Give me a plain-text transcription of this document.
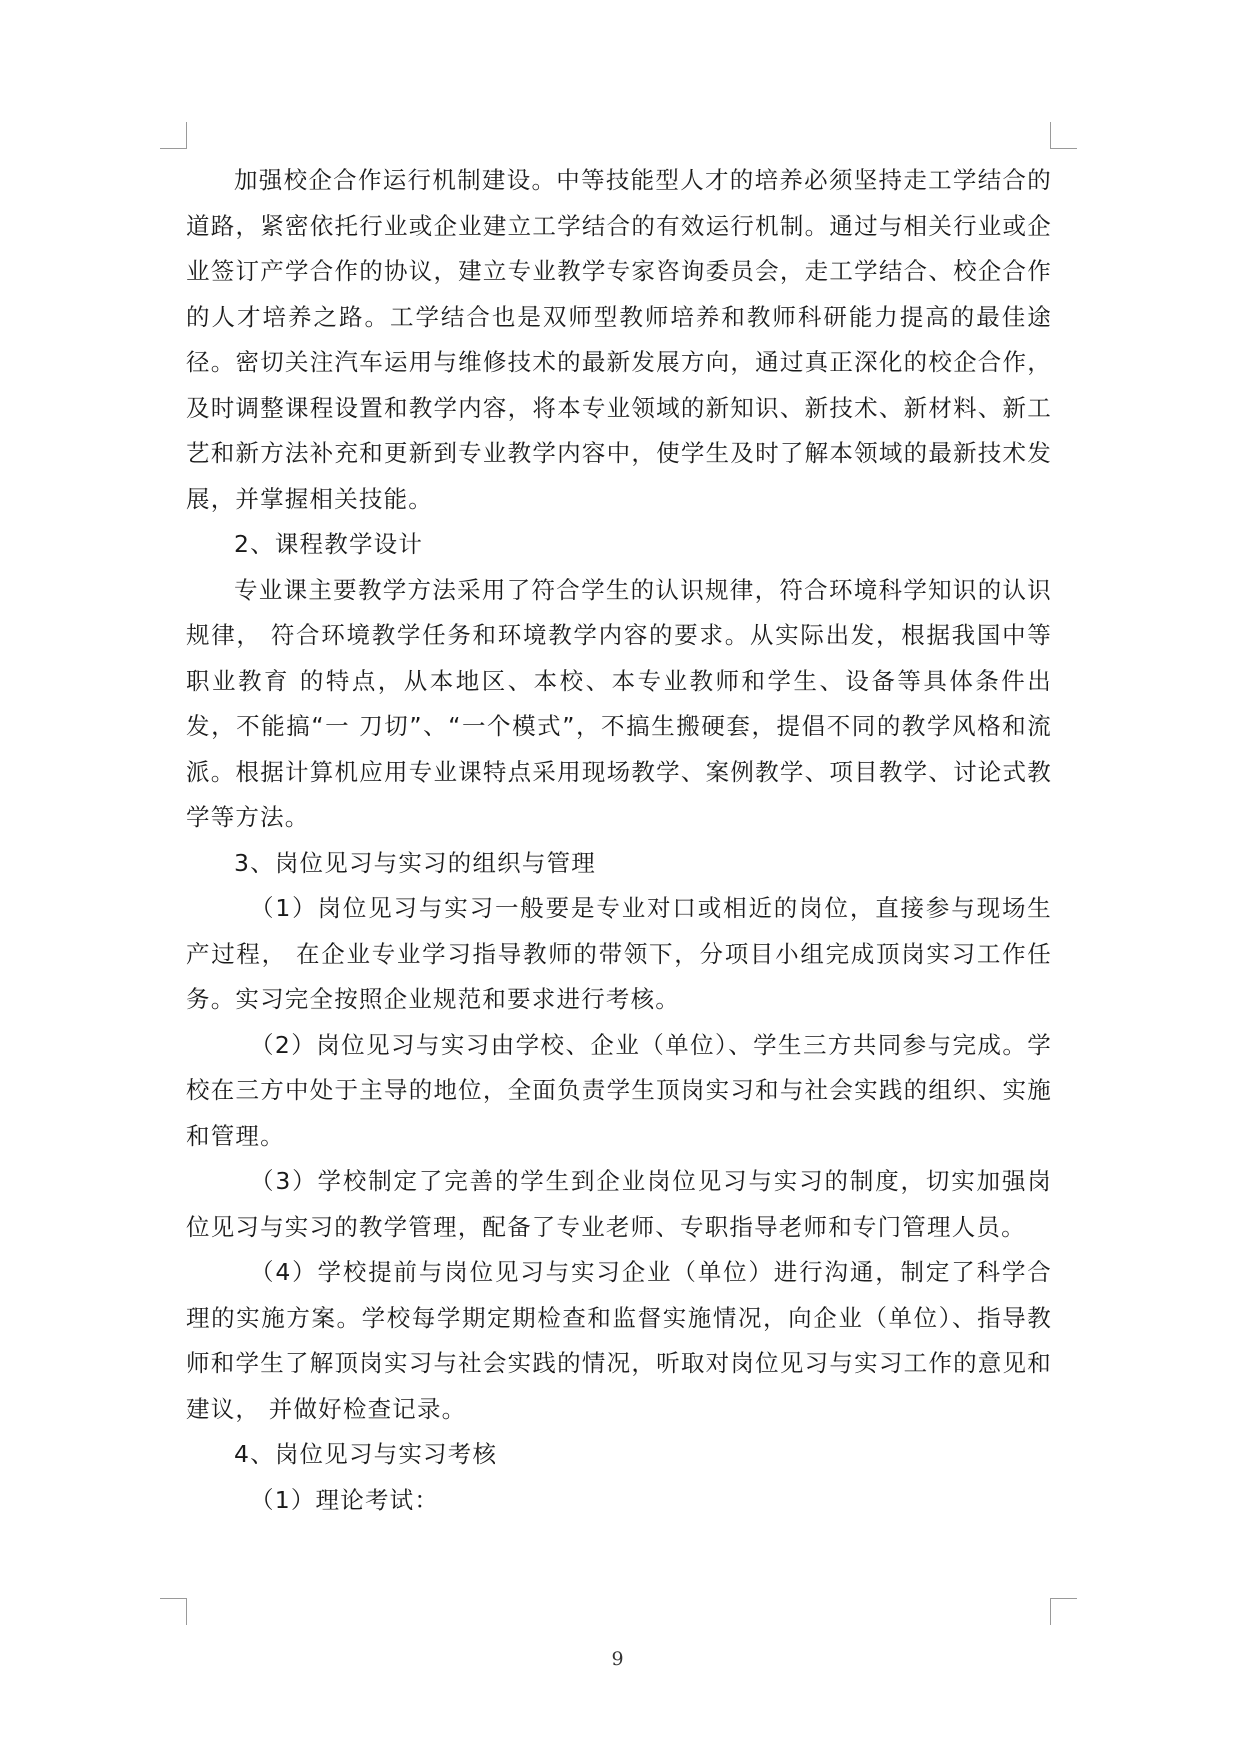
加强校企合作运行机制建设。中等技能型人才的培养必须坚持走工学结合的道路，紧密依托行业或企业建立工学结合的有效运行机制。通过与相关行业或企业签订产学合作的协议，建立专业教学专家咨询委员会，走工学结合、校企合作的人才培养之路。工学结合也是双师型教师培养和教师科研能力提高的最佳途径。密切关注汽车运用与维修技术的最新发展方向，通过真正深化的校企合作，及时调整课程设置和教学内容，将本专业领域的新知识、新技术、新材料、新工艺和新方法补充和更新到专业教学内容中，使学生及时了解本领域的最新技术发展，并掌握相关技能。

2、课程教学设计

专业课主要教学方法采用了符合学生的认识规律，符合环境科学知识的认识规律， 符合环境教学任务和环境教学内容的要求。从实际出发，根据我国中等职业教育 的特点，从本地区、本校、本专业教师和学生、设备等具体条件出发，不能搞“一 刀切”、“一个模式”，不搞生搬硬套，提倡不同的教学风格和流派。根据计算机应用专业课特点采用现场教学、案例教学、项目教学、讨论式教学等方法。

3、岗位见习与实习的组织与管理

（1）岗位见习与实习一般要是专业对口或相近的岗位，直接参与现场生产过程， 在企业专业学习指导教师的带领下，分项目小组完成顶岗实习工作任务。实习完全按照企业规范和要求进行考核。

（2）岗位见习与实习由学校、企业（单位）、学生三方共同参与完成。学校在三方中处于主导的地位，全面负责学生顶岗实习和与社会实践的组织、实施和管理。

（3）学校制定了完善的学生到企业岗位见习与实习的制度，切实加强岗位见习与实习的教学管理，配备了专业老师、专职指导老师和专门管理人员。

（4）学校提前与岗位见习与实习企业（单位）进行沟通，制定了科学合理的实施方案。学校每学期定期检查和监督实施情况，向企业（单位）、指导教师和学生了解顶岗实习与社会实践的情况，听取对岗位见习与实习工作的意见和建议， 并做好检查记录。

4、岗位见习与实习考核

（1）理论考试：

9
